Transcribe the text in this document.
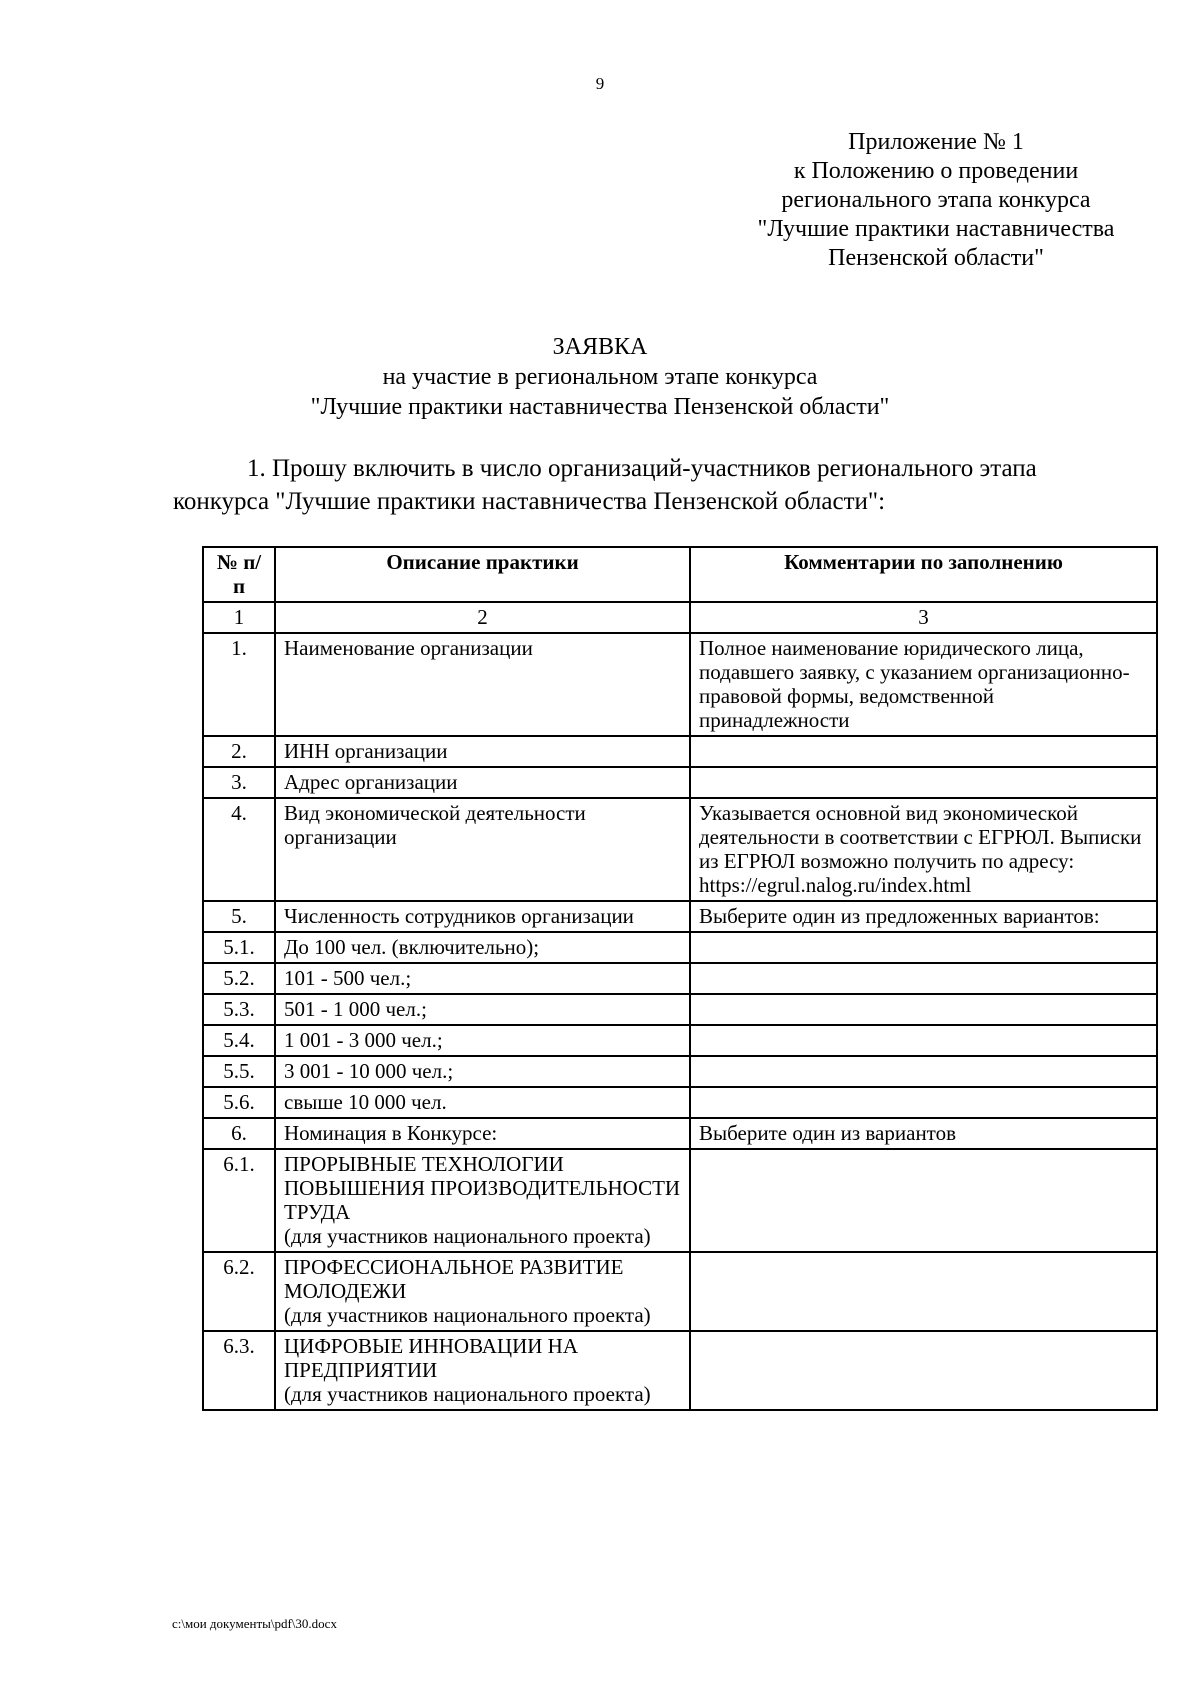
9
Приложение № 1
к Положению о проведении
регионального этапа конкурса
"Лучшие практики наставничества
Пензенской области"
ЗАЯВКА
на участие в региональном этапе конкурса
"Лучшие практики наставничества Пензенской области"
1. Прошу включить в число организаций-участников регионального этапа
конкурса "Лучшие практики наставничества Пензенской области":
№ п/п	Описание практики	Комментарии по заполнению
1	2	3
1.	Наименование организации	Полное наименование юридического лица, подавшего заявку, с указанием организационно-правовой формы, ведомственной принадлежности
2.	ИНН организации	

3.	Адрес организации	

4.	Вид экономической деятельности организации	Указывается основной вид экономической деятельности в соответствии с ЕГРЮЛ. Выписки из ЕГРЮЛ возможно получить по адресу: https://egrul.nalog.ru/index.html
5.	Численность сотрудников организации	Выберите один из предложенных вариантов:
5.1.	До 100 чел. (включительно);	

5.2.	101 - 500 чел.;	

5.3.	501 - 1 000 чел.;	

5.4.	1 001 - 3 000 чел.;	

5.5.	3 001 - 10 000 чел.;	

5.6.	свыше 10 000 чел.	

6.	Номинация в Конкурсе:	Выберите один из вариантов
6.1.	ПРОРЫВНЫЕ ТЕХНОЛОГИИ ПОВЫШЕНИЯ ПРОИЗВОДИТЕЛЬНОСТИ ТРУДА
(для участников национального проекта)	

6.2.	ПРОФЕССИОНАЛЬНОЕ РАЗВИТИЕ МОЛОДЕЖИ
(для участников национального проекта)	

6.3.	ЦИФРОВЫЕ ИННОВАЦИИ НА ПРЕДПРИЯТИИ
(для участников национального проекта)	

c:\мои документы\pdf\30.docx
